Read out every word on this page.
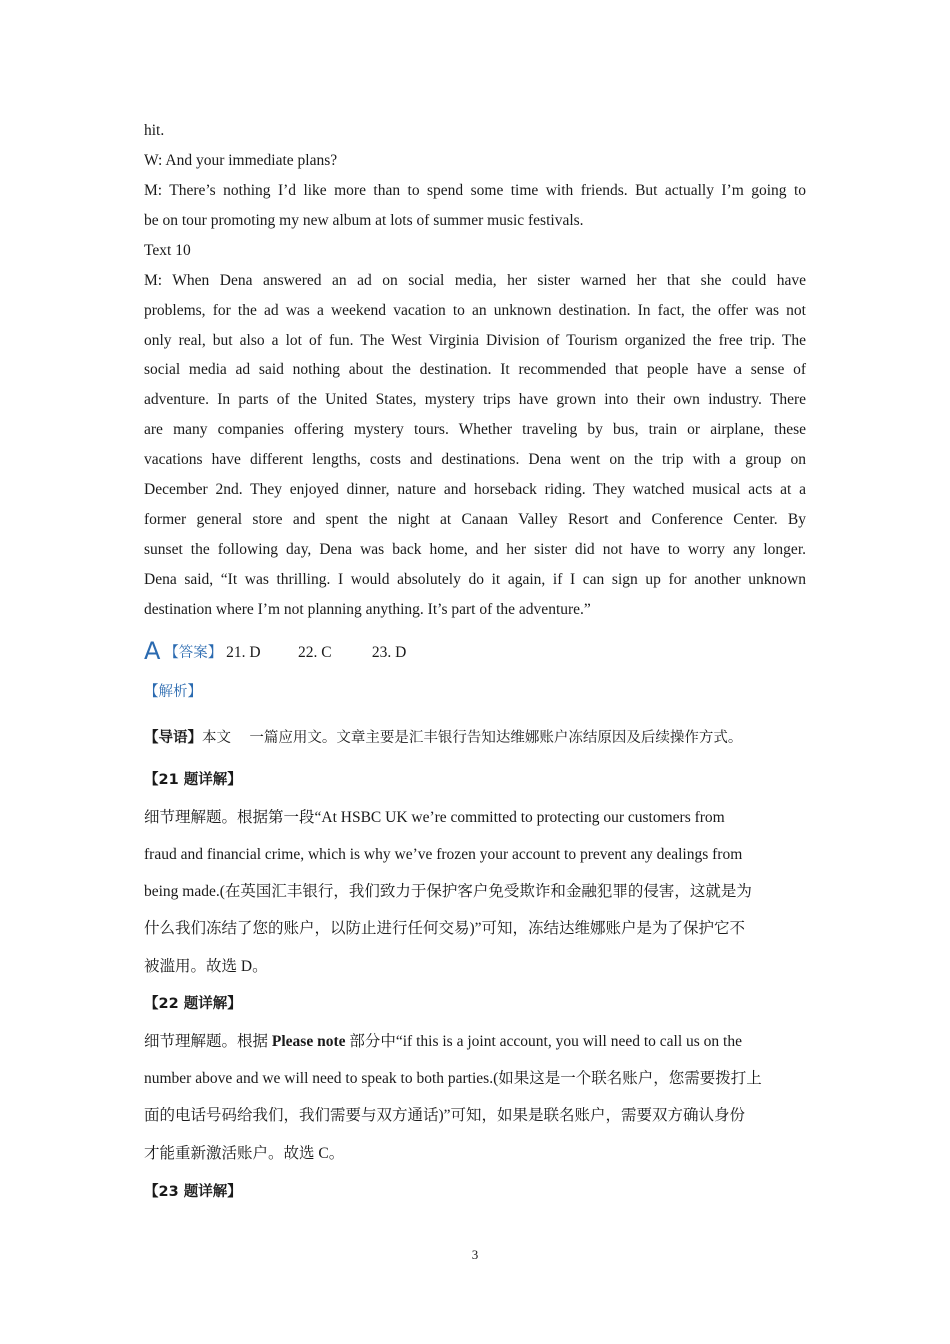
hit.
W: And your immediate plans?
M: There’s nothing I’d like more than to spend some time with friends. But actually I’m going to
be on tour promoting my new album at lots of summer music festivals.
Text 10
M: When Dena answered an ad on social media, her sister warned her that she could have
problems, for the ad was a weekend vacation to an unknown destination. In fact, the offer was not
only real, but also a lot of fun. The West Virginia Division of Tourism organized the free trip. The
social media ad said nothing about the destination. It recommended that people have a sense of
adventure. In parts of the United States, mystery trips have grown into their own industry. There
are many companies offering mystery tours. Whether traveling by bus, train or airplane, these
vacations have different lengths, costs and destinations. Dena went on the trip with a group on
December 2nd. They enjoyed dinner, nature and horseback riding. They watched musical acts at a
former general store and spent the night at Canaan Valley Resort and Conference Center. By
sunset the following day, Dena was back home, and her sister did not have to worry any longer.
Dena said, “It was thrilling. I would absolutely do it again, if I can sign up for another unknown
destination where I’m not planning anything. It’s part of the adventure.”
A 【答案】 21. D 22. C	23. D
【解析】
【导语】本文    一篇应用文。文章主要是汇丰银行告知达维娜账户冻结原因及后续操作方式。
【21 题详解】
细节理解题。根据第一段“At HSBC UK we’re committed to protecting our customers from
fraud and financial crime, which is why we’ve frozen your account to prevent any dealings from
being made.(在英国汇丰银行，我们致力于保护客户免受欺诈和金融犯罪的侵害，这就是为
什么我们冻结了您的账户，以防止进行任何交易)”可知，冻结达维娜账户是为了保护它不
被滥用。故选 D。
【22 题详解】
细节理解题。根据 Please note 部分中“if this is a joint account, you will need to call us on the
number above and we will need to speak to both parties.(如果这是一个联名账户，您需要拨打上
面的电话号码给我们，我们需要与双方通话)”可知，如果是联名账户，需要双方确认身份
才能重新激活账户。故选 C。
【23 题详解】
3
